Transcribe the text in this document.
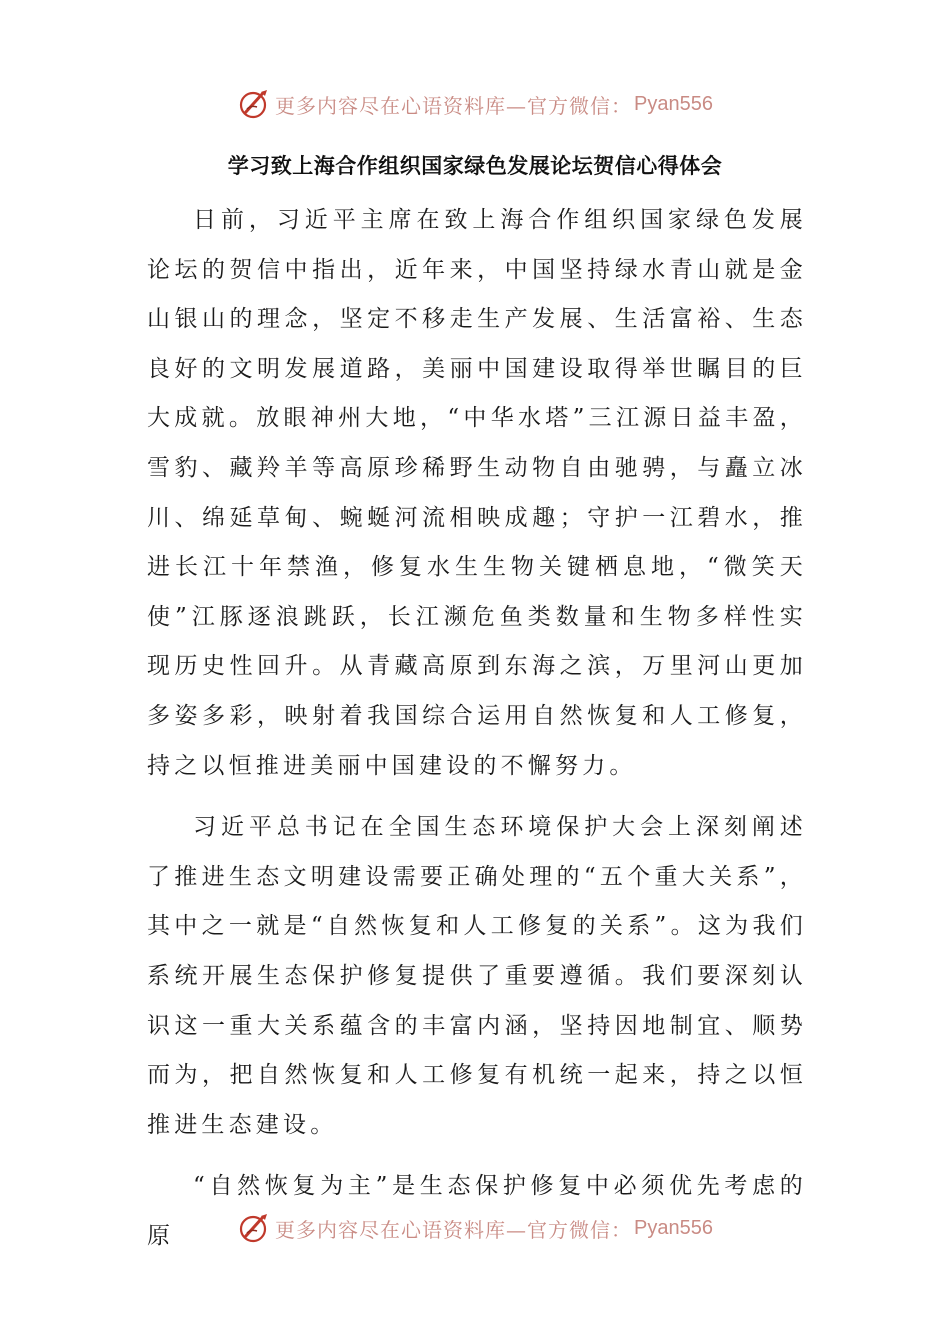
更多内容尽在心语资料库—官方微信： Pyan556
学习致上海合作组织国家绿色发展论坛贺信心得体会

日前，习近平主席在致上海合作组织国家绿色发展论坛的贺信中指出，近年来，中国坚持绿水青山就是金山银山的理念，坚定不移走生产发展、生活富裕、生态良好的文明发展道路，美丽中国建设取得举世瞩目的巨大成就。放眼神州大地，“中华水塔”三江源日益丰盈，雪豹、藏羚羊等高原珍稀野生动物自由驰骋，与矗立冰川、绵延草甸、蜿蜒河流相映成趣；守护一江碧水，推进长江十年禁渔，修复水生生物关键栖息地，“微笑天使”江豚逐浪跳跃，长江濒危鱼类数量和生物多样性实现历史性回升。从青藏高原到东海之滨，万里河山更加多姿多彩，映射着我国综合运用自然恢复和人工修复，持之以恒推进美丽中国建设的不懈努力。

习近平总书记在全国生态环境保护大会上深刻阐述了推进生态文明建设需要正确处理的“五个重大关系”，其中之一就是“自然恢复和人工修复的关系”。这为我们系统开展生态保护修复提供了重要遵循。我们要深刻认识这一重大关系蕴含的丰富内涵，坚持因地制宜、顺势而为，把自然恢复和人工修复有机统一起来，持之以恒推进生态建设。

“自然恢复为主”是生态保护修复中必须优先考虑的原	更多内容尽在心语资料库—官方微信： Pyan556
